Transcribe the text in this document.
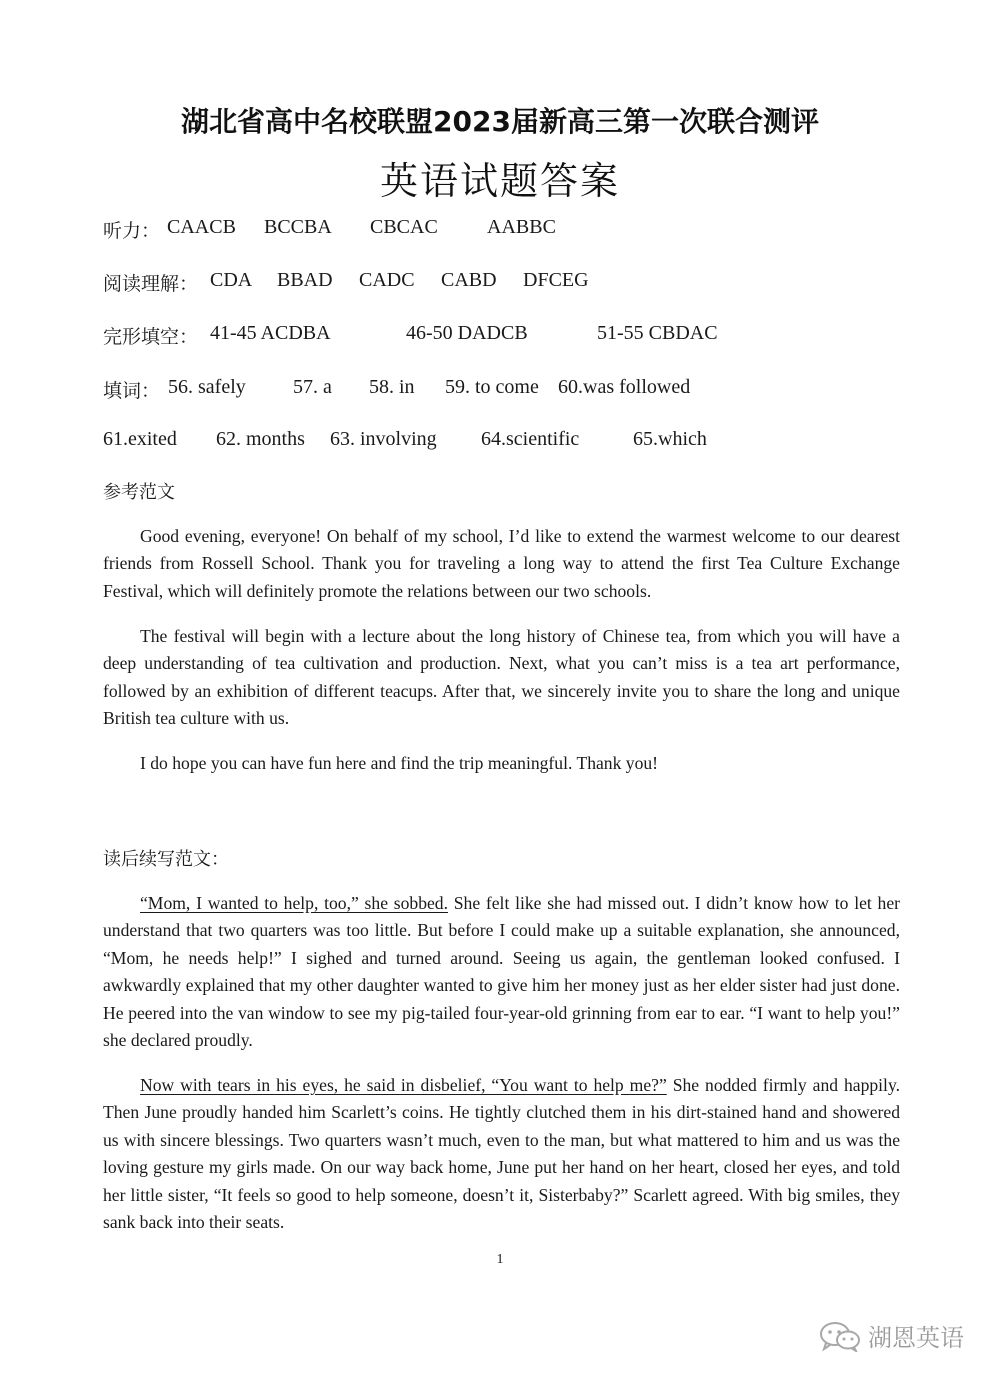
湖北省高中名校联盟2023届新高三第一次联合测评
英语试题答案
听力： CAACB BCCBA CBCAC AABBC
阅读理解： CDA BBAD CADC CABD DFCEG
完形填空： 41-45 ACDBA	46-50 DADCB	51-55 CBDAC
填词： 56. safely 57. a 58. in 59. to come 60.was followed
61.exited 62. months 63. involving 64.scientific	65.which
参考范文
Good evening, everyone! On behalf of my school, I’d like to extend the warmest welcome to our dearest friends from Rossell School. Thank you for traveling a long way to attend the first Tea Culture Exchange Festival, which will definitely promote the relations between our two schools.
The festival will begin with a lecture about the long history of Chinese tea, from which you will have a deep understanding of tea cultivation and production. Next, what you can’t miss is a tea art performance, followed by an exhibition of different teacups. After that, we sincerely invite you to share the long and unique British tea culture with us.
I do hope you can have fun here and find the trip meaningful. Thank you!
读后续写范文：
“Mom, I wanted to help, too,” she sobbed. She felt like she had missed out. I didn’t know how to let her understand that two quarters was too little. But before I could make up a suitable explanation, she announced, “Mom, he needs help!” I sighed and turned around. Seeing us again, the gentleman looked confused. I awkwardly explained that my other daughter wanted to give him her money just as her elder sister had just done. He peered into the van window to see my pig-tailed four-year-old grinning from ear to ear. “I want to help you!” she declared proudly.
Now with tears in his eyes, he said in disbelief, “You want to help me?” She nodded firmly and happily. Then June proudly handed him Scarlett’s coins. He tightly clutched them in his dirt-stained hand and showered us with sincere blessings. Two quarters wasn’t much, even to the man, but what mattered to him and us was the loving gesture my girls made. On our way back home, June put her hand on her heart, closed her eyes, and told her little sister, “It feels so good to help someone, doesn’t it, Sisterbaby?” Scarlett agreed. With big smiles, they sank back into their seats.
1
湖恩英语
